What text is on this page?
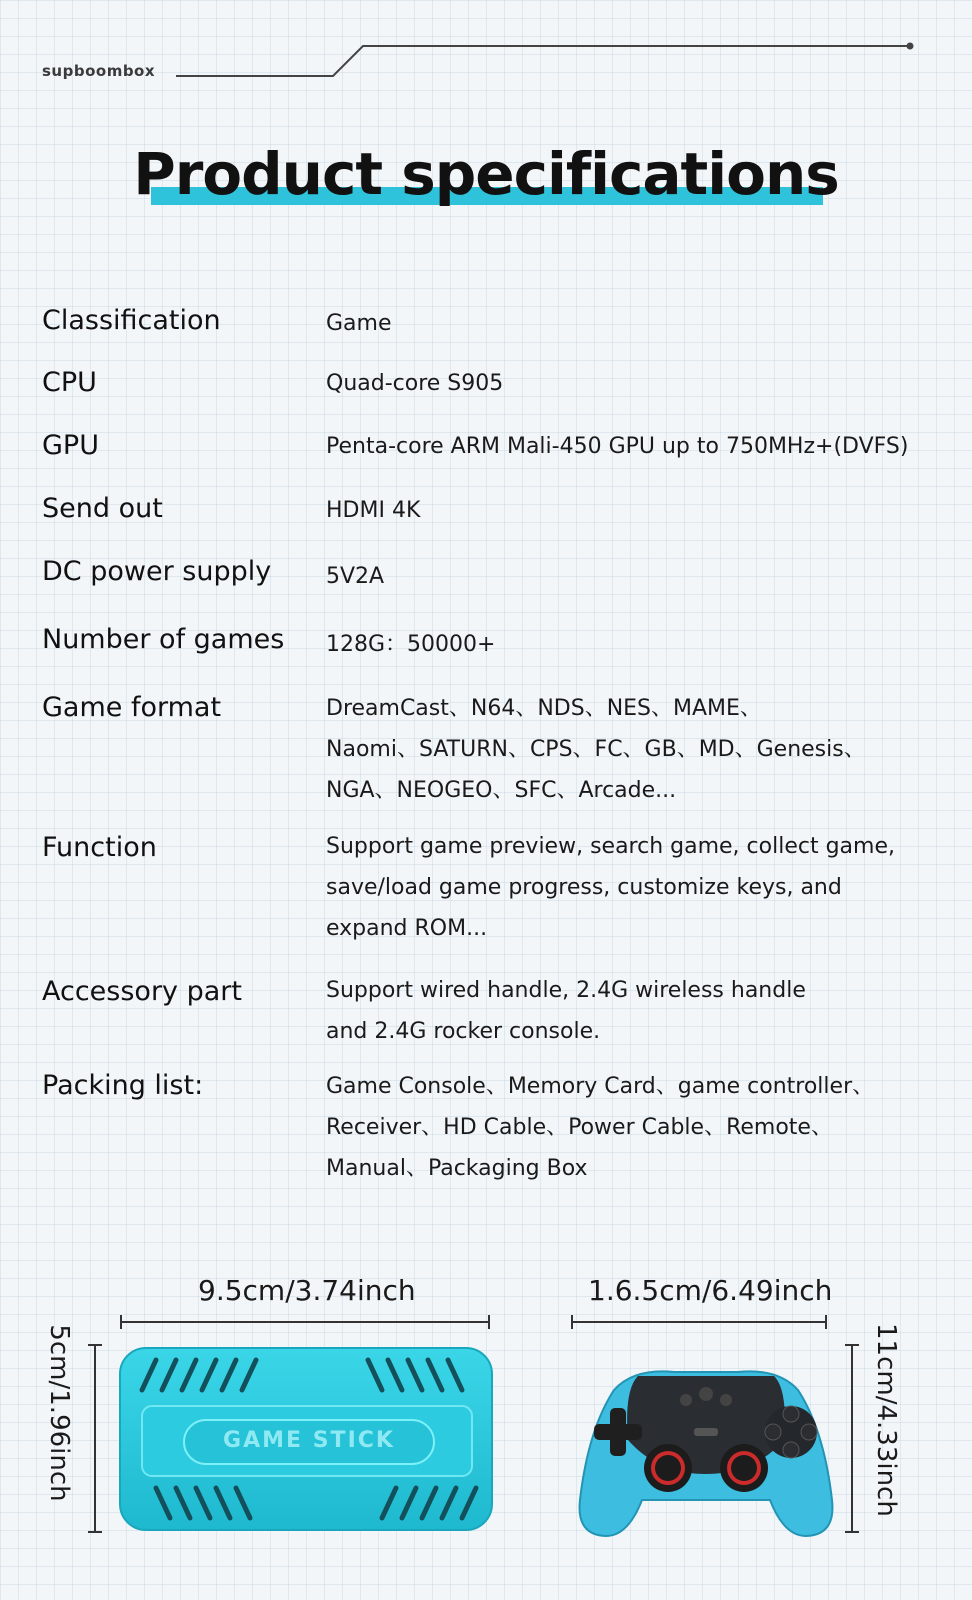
supboombox
Product specifications
Classification	Game
CPU	Quad-core S905
GPU	Penta-core ARM Mali-450 GPU up to 750MHz+(DVFS)
Send out	HDMI 4K
DC power supply 5V2A
Number of games 128G：50000+
Game format	DreamCast、N64、NDS、NES、MAME、
Naomi、SATURN、CPS、FC、GB、MD、Genesis、
NGA、NEOGEO、SFC、Arcade...
Function	Support game preview, search game, collect game,
save/load game progress, customize keys, and
expand ROM...
Accessory part	Support wired handle, 2.4G wireless handle
and 2.4G rocker console.
Packing list:	Game Console、Memory Card、game controller、
Receiver、HD Cable、Power Cable、Remote、
Manual、Packaging Box
9.5cm/3.74inch	1.6.5cm/6.49inch
5cm/1.96inch	11cm/4.33inch
GAME STICK
